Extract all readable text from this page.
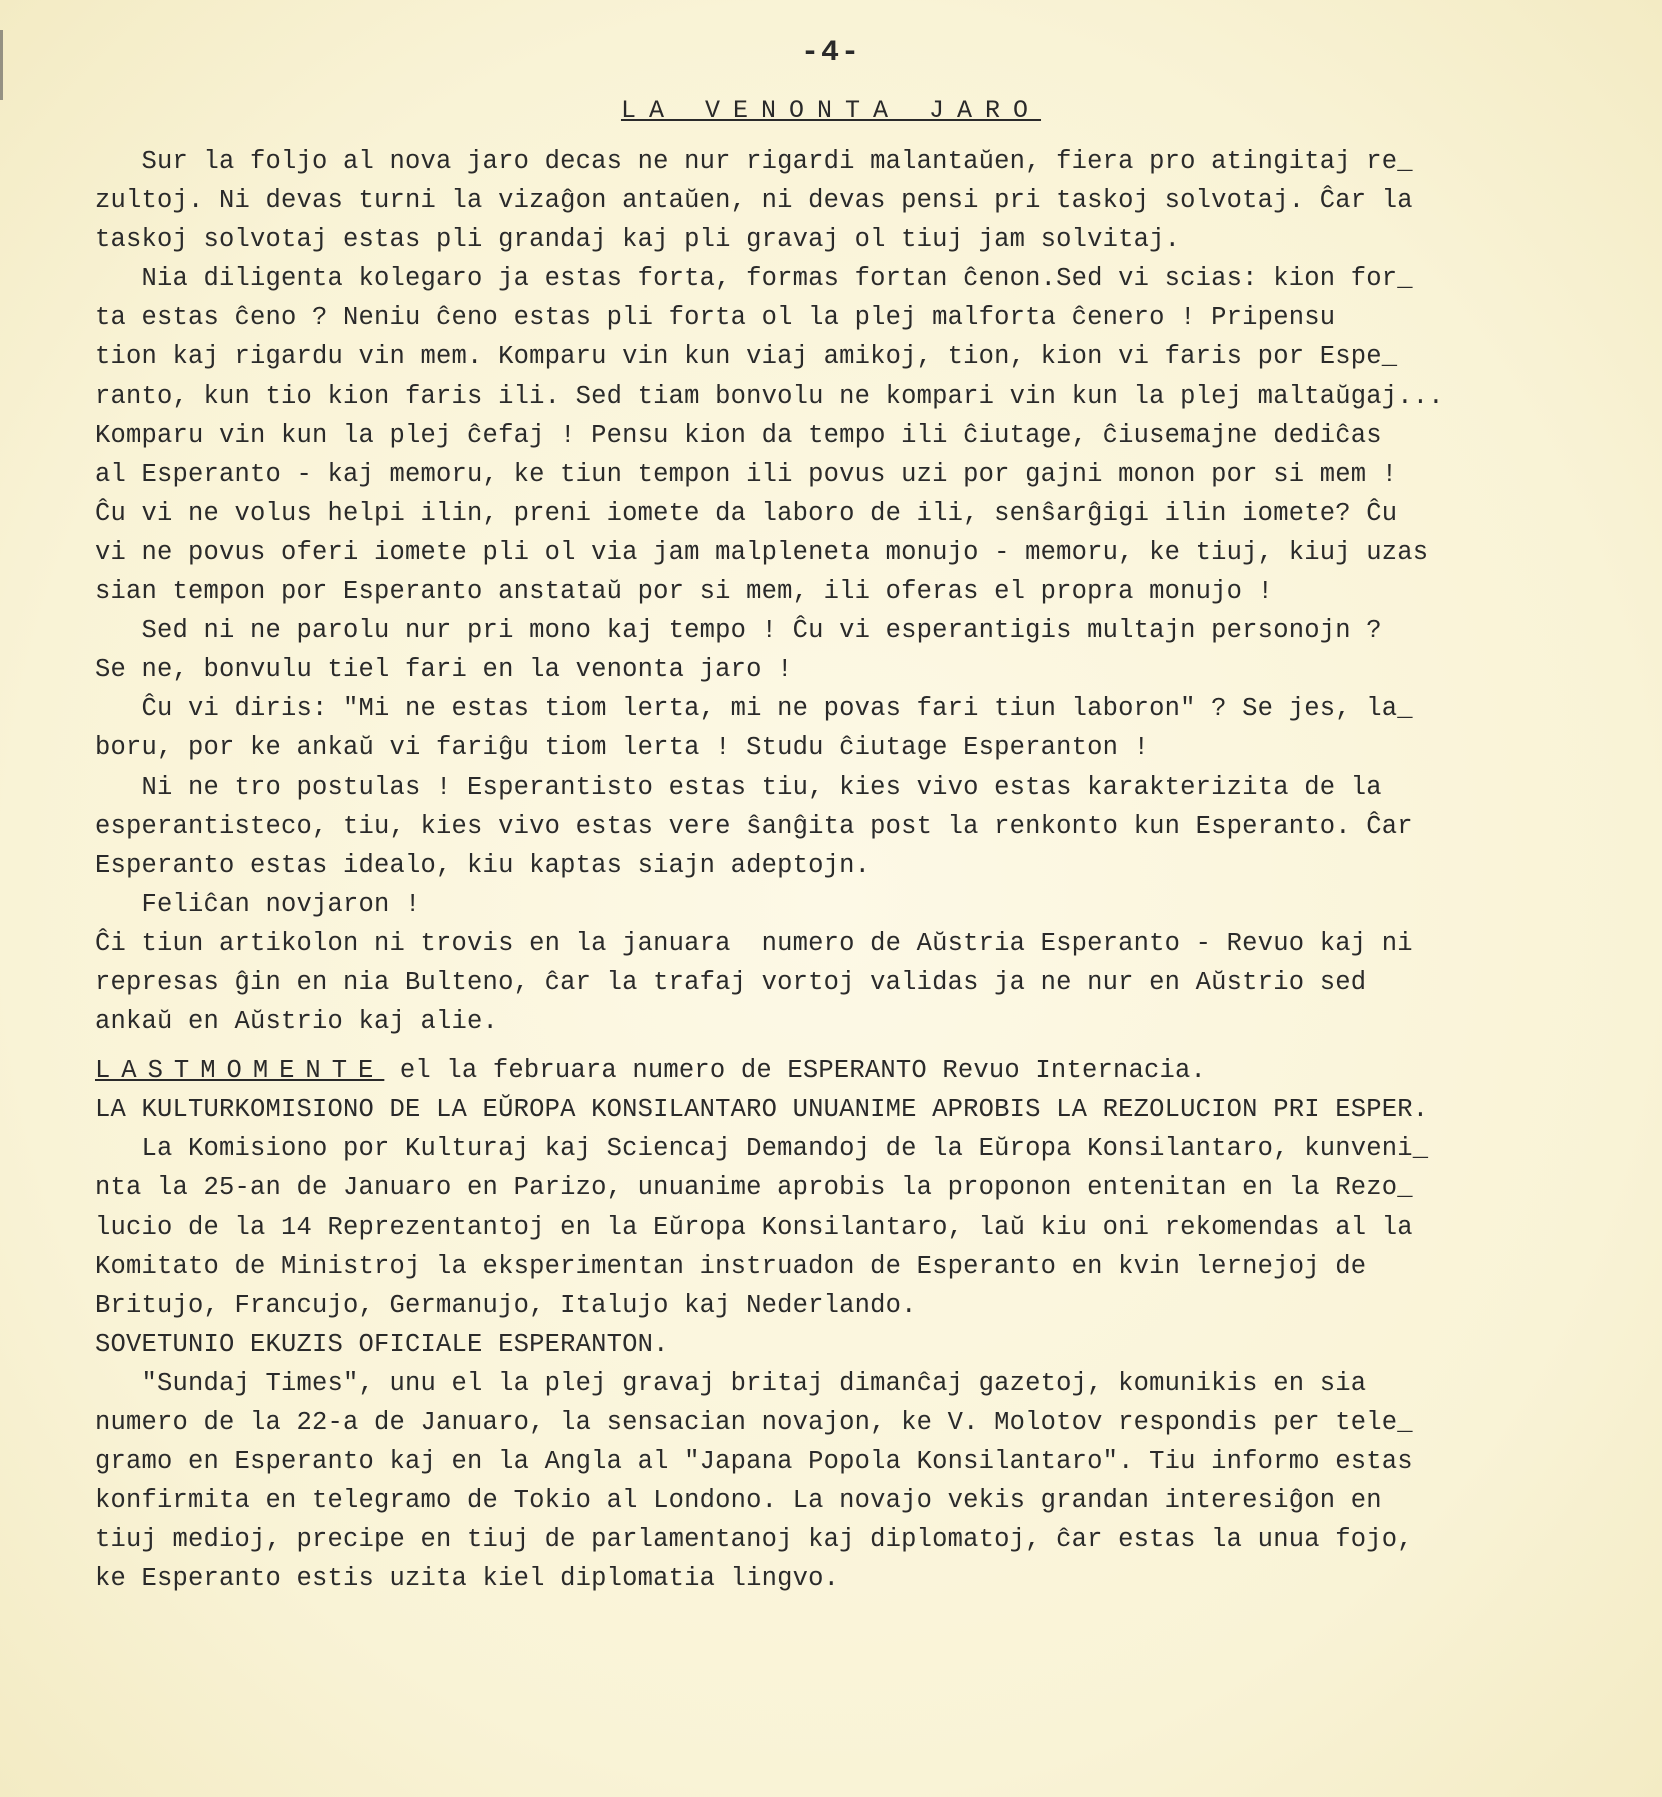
-4-
LA VENONTA JARO
Sur la foljo al nova jaro decas ne nur rigardi malantaŭen, fiera pro atingitaj re_
zultoj. Ni devas turni la vizaĝon antaŭen, ni devas pensi pri taskoj solvotaj. Ĉar la
taskoj solvotaj estas pli grandaj kaj pli gravaj ol tiuj jam solvitaj.
Nia diligenta kolegaro ja estas forta, formas fortan ĉenon.Sed vi scias: kion for_
ta estas ĉeno ? Neniu ĉeno estas pli forta ol la plej malforta ĉenero ! Pripensu
tion kaj rigardu vin mem. Komparu vin kun viaj amikoj, tion, kion vi faris por Espe_
ranto, kun tio kion faris ili. Sed tiam bonvolu ne kompari vin kun la plej maltaŭgaj...
Komparu vin kun la plej ĉefaj ! Pensu kion da tempo ili ĉiutage, ĉiusemajne dediĉas
al Esperanto - kaj memoru, ke tiun tempon ili povus uzi por gajni monon por si mem !
Ĉu vi ne volus helpi ilin, preni iomete da laboro de ili, senŝarĝigi ilin iomete? Ĉu
vi ne povus oferi iomete pli ol via jam malpleneta monujo - memoru, ke tiuj, kiuj uzas
sian tempon por Esperanto anstataŭ por si mem, ili oferas el propra monujo !
Sed ni ne parolu nur pri mono kaj tempo ! Ĉu vi esperantigis multajn personojn ?
Se ne, bonvulu tiel fari en la venonta jaro !
Ĉu vi diris: "Mi ne estas tiom lerta, mi ne povas fari tiun laboron" ? Se jes, la_
boru, por ke ankaŭ vi fariĝu tiom lerta ! Studu ĉiutage Esperanton !
Ni ne tro postulas ! Esperantisto estas tiu, kies vivo estas karakterizita de la
esperantisteco, tiu, kies vivo estas vere ŝanĝita post la renkonto kun Esperanto. Ĉar
Esperanto estas idealo, kiu kaptas siajn adeptojn.
Feliĉan novjaron !
Ĉi tiun artikolon ni trovis en la januara  numero de Aŭstria Esperanto - Revuo kaj ni
represas ĝin en nia Bulteno, ĉar la trafaj vortoj validas ja ne nur en Aŭstrio sed
ankaŭ en Aŭstrio kaj alie.
LASTMOMENTE el la februara numero de ESPERANTO Revuo Internacia.
LA KULTURKOMISIONO DE LA EŬROPA KONSILANTARO UNUANIME APROBIS LA REZOLUCION PRI ESPER.
La Komisiono por Kulturaj kaj Sciencaj Demandoj de la Eŭropa Konsilantaro, kunveni_
nta la 25-an de Januaro en Parizo, unuanime aprobis la proponon entenitan en la Rezo_
lucio de la 14 Reprezentantoj en la Eŭropa Konsilantaro, laŭ kiu oni rekomendas al la
Komitato de Ministroj la eksperimentan instruadon de Esperanto en kvin lernejoj de
Britujo, Francujo, Germanujo, Italujo kaj Nederlando.
SOVETUNIO EKUZIS OFICIALE ESPERANTON.
"Sundaj Times", unu el la plej gravaj britaj dimanĉaj gazetoj, komunikis en sia
numero de la 22-a de Januaro, la sensacian novajon, ke V. Molotov respondis per tele_
gramo en Esperanto kaj en la Angla al "Japana Popola Konsilantaro". Tiu informo estas
konfirmita en telegramo de Tokio al Londono. La novajo vekis grandan interesiĝon en
tiuj medioj, precipe en tiuj de parlamentanoj kaj diplomatoj, ĉar estas la unua fojo,
ke Esperanto estis uzita kiel diplomatia lingvo.
